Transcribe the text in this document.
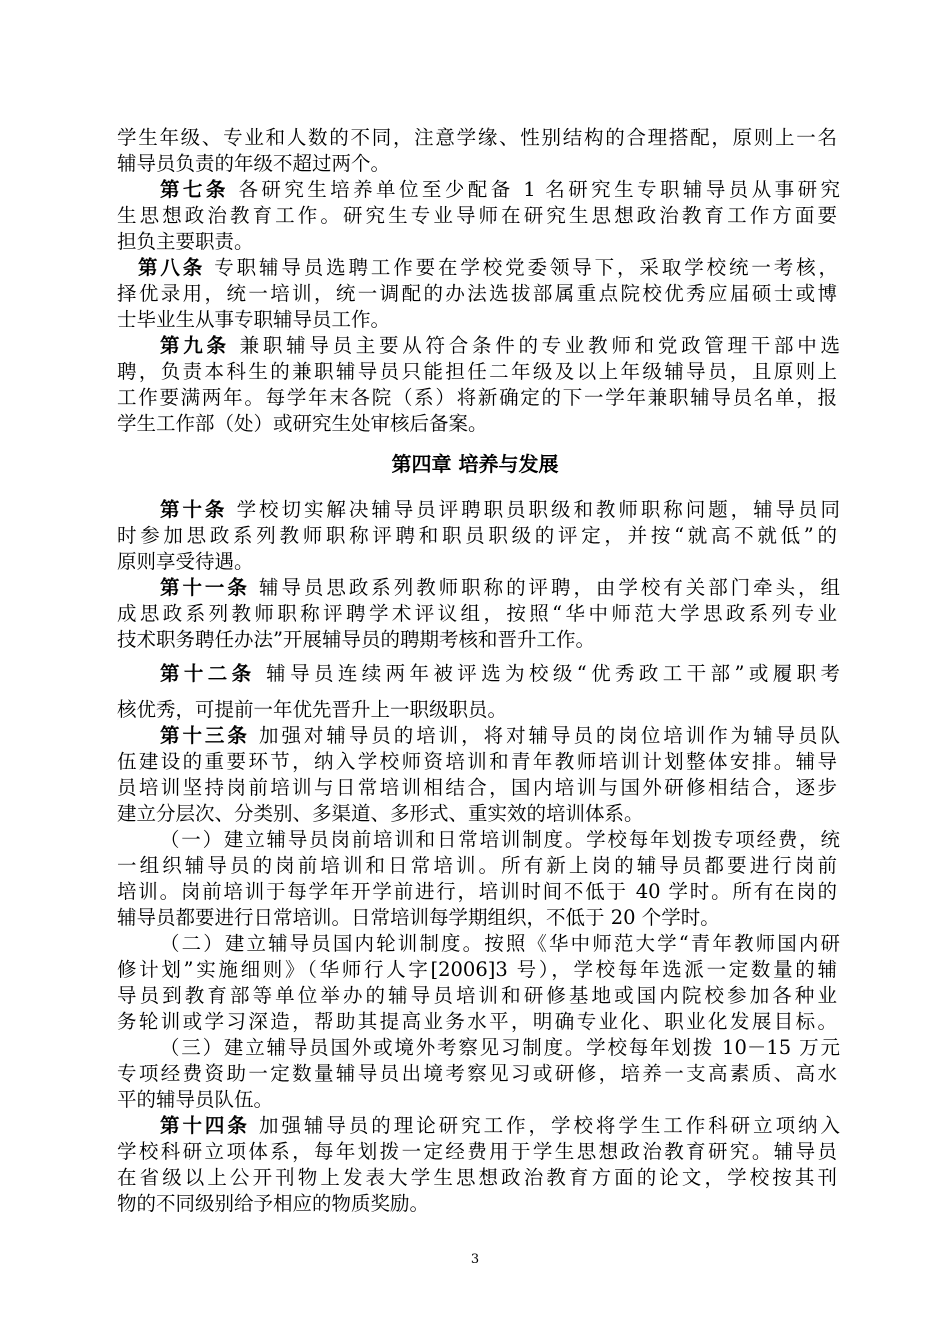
学生年级、专业和人数的不同，注意学缘、性别结构的合理搭配，原则上一名
辅导员负责的年级不超过两个。
第七条 各研究生培养单位至少配备 1 名研究生专职辅导员从事研究
生思想政治教育工作。研究生专业导师在研究生思想政治教育工作方面要
担负主要职责。
第八条 专职辅导员选聘工作要在学校党委领导下，采取学校统一考核，
择优录用，统一培训，统一调配的办法选拔部属重点院校优秀应届硕士或博
士毕业生从事专职辅导员工作。
第九条 兼职辅导员主要从符合条件的专业教师和党政管理干部中选
聘，负责本科生的兼职辅导员只能担任二年级及以上年级辅导员，且原则上
工作要满两年。每学年末各院（系）将新确定的下一学年兼职辅导员名单，报
学生工作部（处）或研究生处审核后备案。
第四章 培养与发展
第十条 学校切实解决辅导员评聘职员职级和教师职称问题，辅导员同
时参加思政系列教师职称评聘和职员职级的评定，并按“就高不就低”的
原则享受待遇。
第十一条 辅导员思政系列教师职称的评聘，由学校有关部门牵头，组
成思政系列教师职称评聘学术评议组，按照“华中师范大学思政系列专业
技术职务聘任办法”开展辅导员的聘期考核和晋升工作。
第十二条 辅导员连续两年被评选为校级“优秀政工干部”或履职考
核优秀，可提前一年优先晋升上一职级职员。
第十三条 加强对辅导员的培训，将对辅导员的岗位培训作为辅导员队
伍建设的重要环节，纳入学校师资培训和青年教师培训计划整体安排。辅导
员培训坚持岗前培训与日常培训相结合，国内培训与国外研修相结合，逐步
建立分层次、分类别、多渠道、多形式、重实效的培训体系。
（一）建立辅导员岗前培训和日常培训制度。学校每年划拨专项经费，统
一组织辅导员的岗前培训和日常培训。所有新上岗的辅导员都要进行岗前
培训。岗前培训于每学年开学前进行，培训时间不低于 40 学时。所有在岗的
辅导员都要进行日常培训。日常培训每学期组织，不低于 20 个学时。
（二）建立辅导员国内轮训制度。按照《华中师范大学“青年教师国内研
修计划”实施细则》（华师行人字[2006]3 号），学校每年选派一定数量的辅
导员到教育部等单位举办的辅导员培训和研修基地或国内院校参加各种业
务轮训或学习深造，帮助其提高业务水平，明确专业化、职业化发展目标。
（三）建立辅导员国外或境外考察见习制度。学校每年划拨 10－15 万元
专项经费资助一定数量辅导员出境考察见习或研修，培养一支高素质、高水
平的辅导员队伍。
第十四条 加强辅导员的理论研究工作，学校将学生工作科研立项纳入
学校科研立项体系，每年划拨一定经费用于学生思想政治教育研究。辅导员
在省级以上公开刊物上发表大学生思想政治教育方面的论文，学校按其刊
物的不同级别给予相应的物质奖励。
3
